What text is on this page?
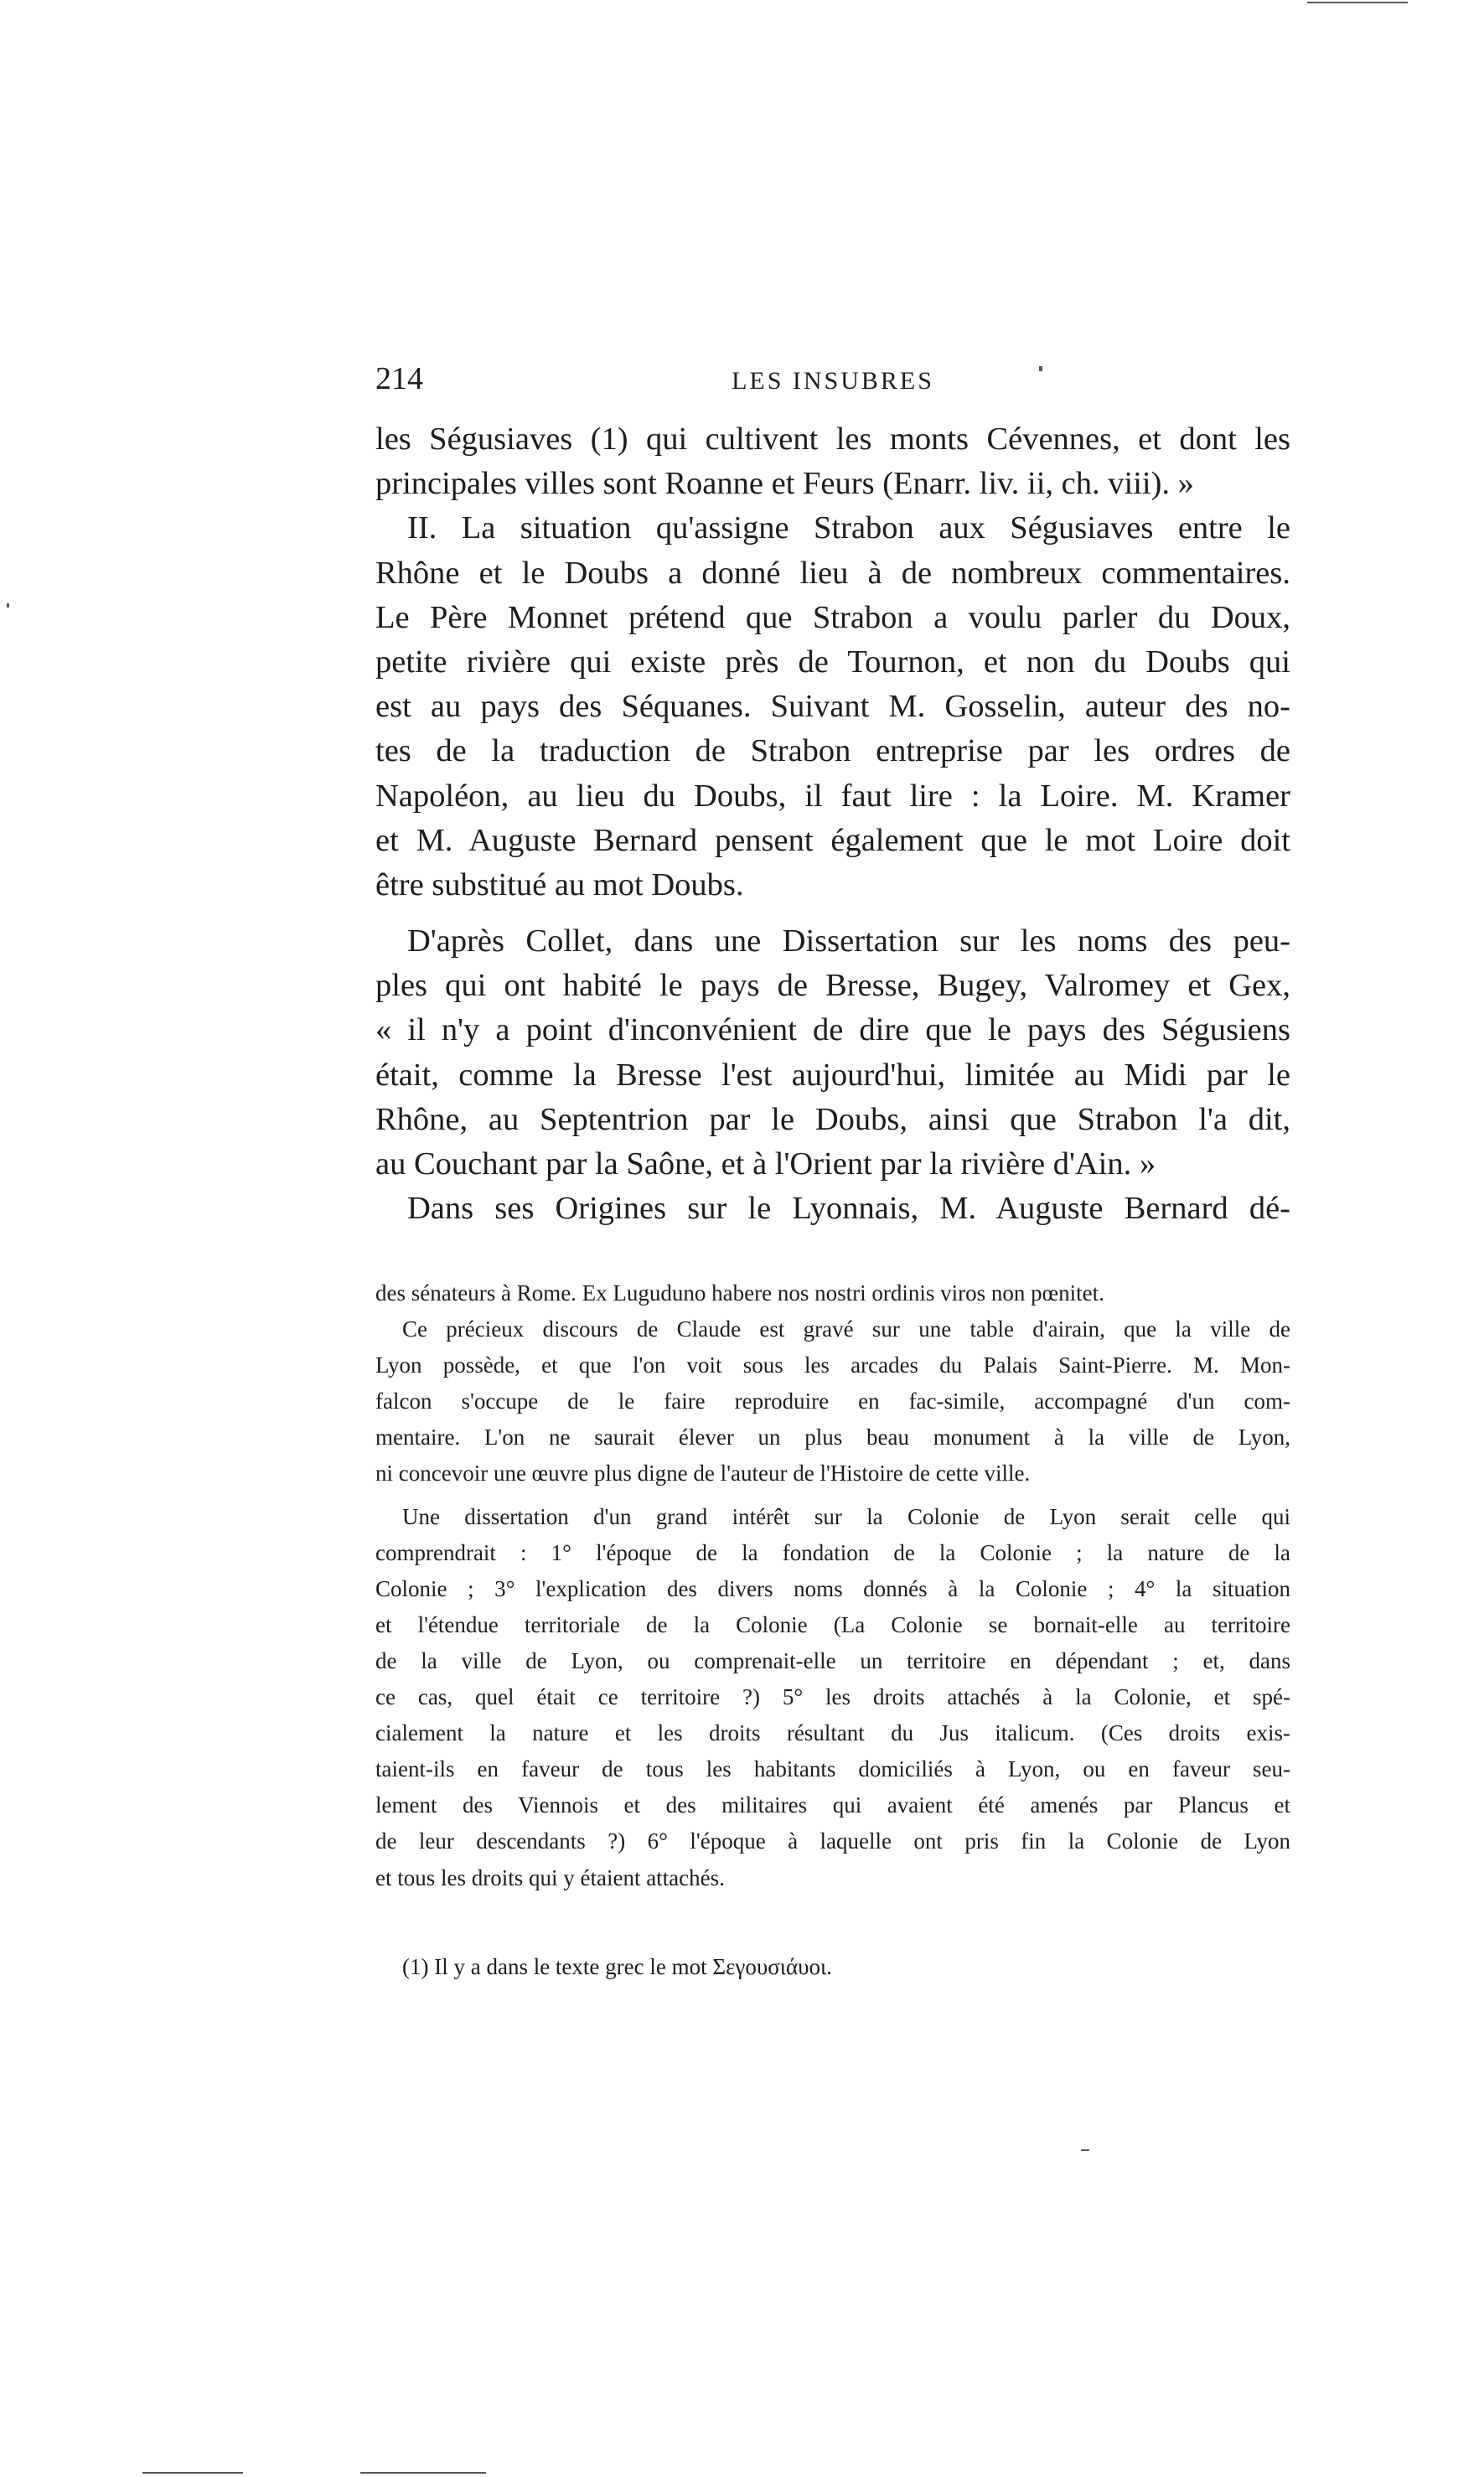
214	LES INSUBRES
les Ségusiaves (1) qui cultivent les monts Cévennes, et dont les
principales villes sont Roanne et Feurs (Enarr. liv. ii, ch. viii). »
II. La situation qu'assigne Strabon aux Ségusiaves entre le
Rhône et le Doubs a donné lieu à de nombreux commentaires.
Le Père Monnet prétend que Strabon a voulu parler du Doux,
petite rivière qui existe près de Tournon, et non du Doubs qui
est au pays des Séquanes. Suivant M. Gosselin, auteur des no-
tes de la traduction de Strabon entreprise par les ordres de
Napoléon, au lieu du Doubs, il faut lire : la Loire. M. Kramer
et M. Auguste Bernard pensent également que le mot Loire doit
être substitué au mot Doubs.
D'après Collet, dans une Dissertation sur les noms des peu-
ples qui ont habité le pays de Bresse, Bugey, Valromey et Gex,
« il n'y a point d'inconvénient de dire que le pays des Ségusiens
était, comme la Bresse l'est aujourd'hui, limitée au Midi par le
Rhône, au Septentrion par le Doubs, ainsi que Strabon l'a dit,
au Couchant par la Saône, et à l'Orient par la rivière d'Ain. »
Dans ses Origines sur le Lyonnais, M. Auguste Bernard dé-
des sénateurs à Rome. Ex Luguduno habere nos nostri ordinis viros non pœnitet.
Ce précieux discours de Claude est gravé sur une table d'airain, que la ville de
Lyon possède, et que l'on voit sous les arcades du Palais Saint-Pierre. M. Mon-
falcon s'occupe de le faire reproduire en fac-simile, accompagné d'un com-
mentaire. L'on ne saurait élever un plus beau monument à la ville de Lyon,
ni concevoir une œuvre plus digne de l'auteur de l'Histoire de cette ville.
Une dissertation d'un grand intérêt sur la Colonie de Lyon serait celle qui
comprendrait : 1° l'époque de la fondation de la Colonie ; la nature de la
Colonie ; 3° l'explication des divers noms donnés à la Colonie ; 4° la situation
et l'étendue territoriale de la Colonie (La Colonie se bornait-elle au territoire
de la ville de Lyon, ou comprenait-elle un territoire en dépendant ; et, dans
ce cas, quel était ce territoire ?) 5° les droits attachés à la Colonie, et spé-
cialement la nature et les droits résultant du Jus italicum. (Ces droits exis-
taient-ils en faveur de tous les habitants domiciliés à Lyon, ou en faveur seu-
lement des Viennois et des militaires qui avaient été amenés par Plancus et
de leur descendants ?) 6° l'époque à laquelle ont pris fin la Colonie de Lyon
et tous les droits qui y étaient attachés.
(1) Il y a dans le texte grec le mot Σεγουσιάυοι.
